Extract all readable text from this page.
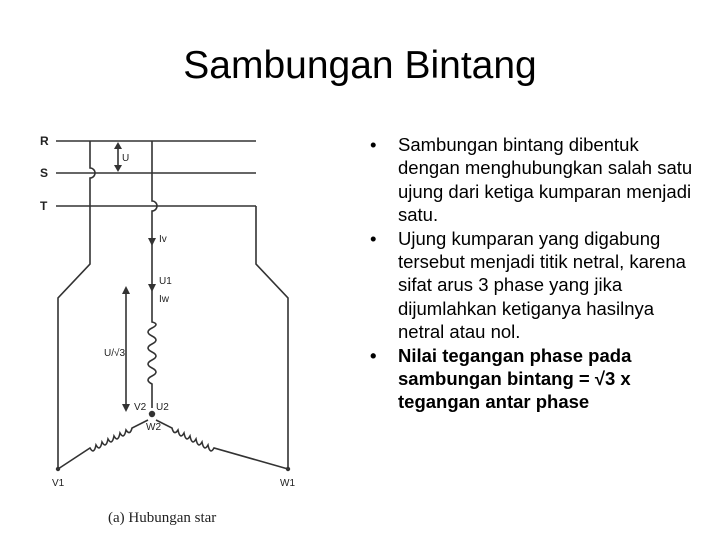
Sambungan Bintang
R
S
T
U
Iv
U1
Iw
U/√3
V2 U2
W2
V1	W1
(a) Hubungan star
• Sambungan bintang dibentuk dengan menghubungkan salah satu ujung dari ketiga kumparan menjadi satu.
• Ujung kumparan yang digabung tersebut menjadi titik netral, karena sifat arus 3 phase yang jika dijumlahkan ketiganya hasilnya netral atau nol.
• Nilai tegangan phase pada sambungan bintang = √3 x tegangan antar phase
